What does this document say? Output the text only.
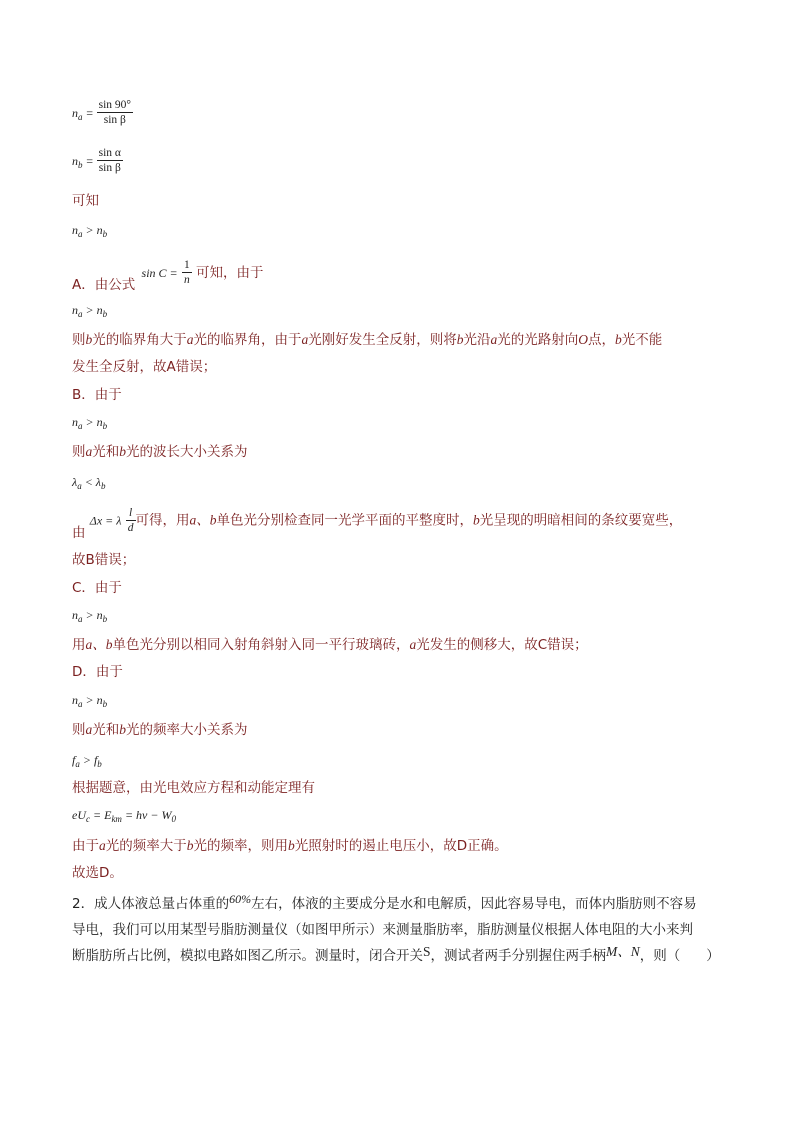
$n_a = \frac{\sin 90^\circ}{\text{sin β}}$
$n_b = \frac{\text{sin α}}{\text{sin β}}$
可知
$n_a > n_b$
A．由公式 $\sin C = \frac{1}{n}$ 可知，由于
$n_a > n_b$
则b光的临界角大于a光的临界角，由于a光刚好发生全反射，则将b光沿a光的光路射向O点，b光不能
发生全反射，故A错误；
B．由于
$n_a > n_b$
则a光和b光的波长大小关系为
$\lambda_a < \lambda_b$
由 Δx = λ $\frac{l}{d}$ 可得，用a、b单色光分别检查同一光学平面的平整度时，b光呈现的明暗相间的条纹要宽些，
故B错误；
C．由于
$n_a > n_b$
用a、b单色光分别以相同入射角斜射入同一平行玻璃砖，a光发生的侧移大，故C错误；
D．由于
$n_a > n_b$
则a光和b光的频率大小关系为
$f_a > f_b$
根据题意，由光电效应方程和动能定理有
$eU_c = E_{km} = h\nu - W_0$
由于a光的频率大于b光的频率，则用b光照射时的遏止电压小，故D正确。
故选D。
2．成人体液总量占体重的60%左右，体液的主要成分是水和电解质，因此容易导电，而体内脂肪则不容易
导电，我们可以用某型号脂肪测量仪（如图甲所示）来测量脂肪率，脂肪测量仪根据人体电阻的大小来判
断脂肪所占比例，模拟电路如图乙所示。测量时，闭合开关S，测试者两手分别握住两手柄M、N，则（ ）
